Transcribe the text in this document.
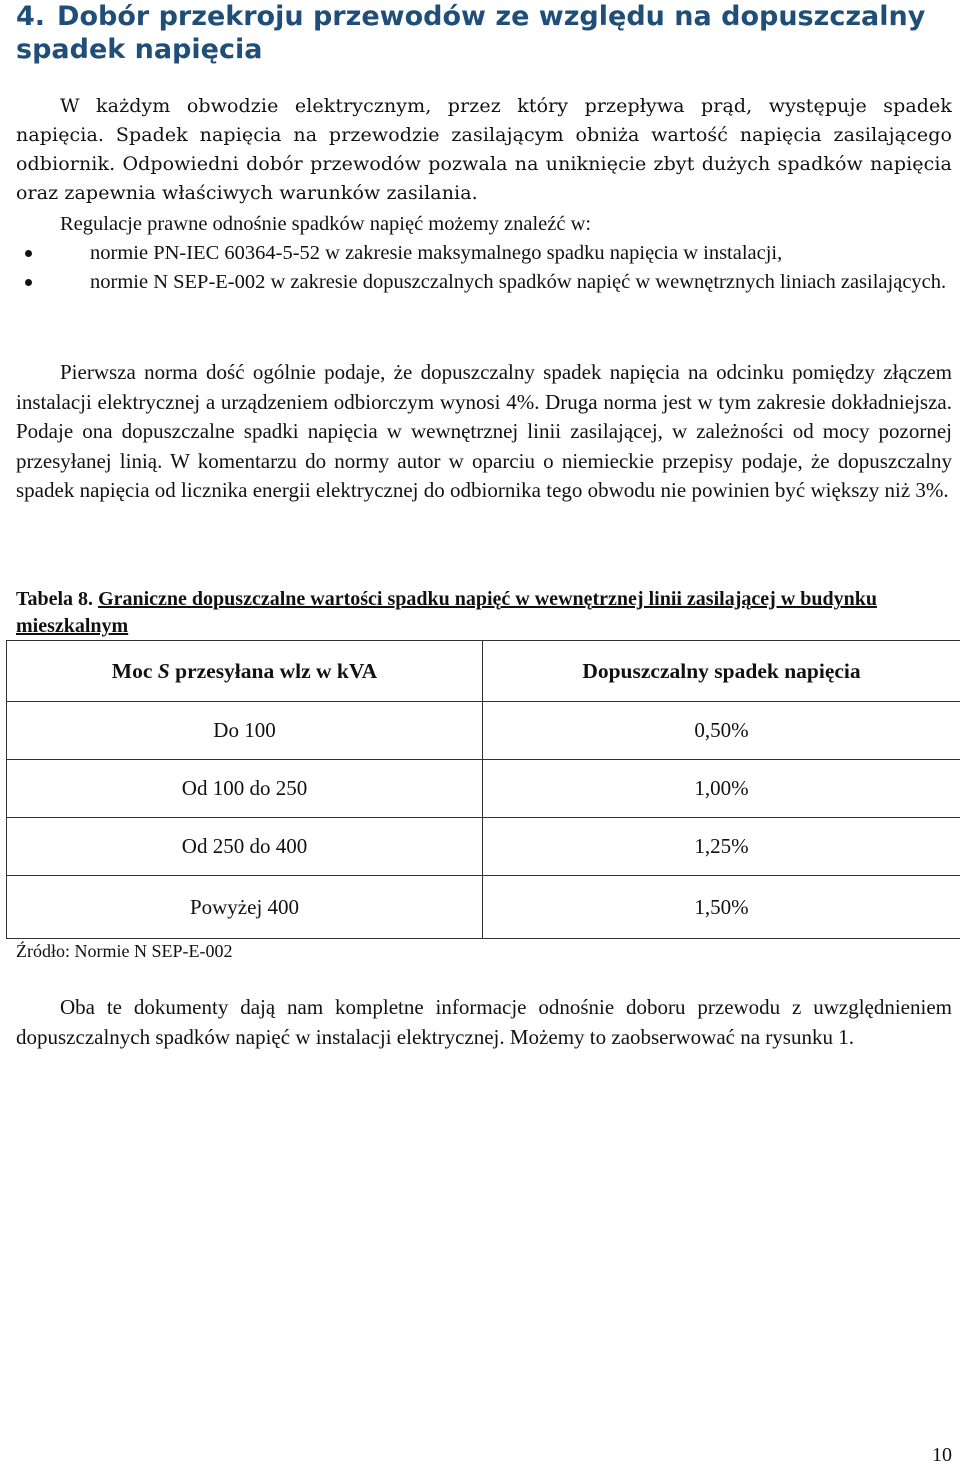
4. Dobór przekroju przewodów ze względu na dopuszczalny spadek napięcia

W każdym obwodzie elektrycznym, przez który przepływa prąd, występuje spadek napięcia. Spadek napięcia na przewodzie zasilającym obniża wartość napięcia zasilającego odbiornik. Odpowiedni dobór przewodów pozwala na uniknięcie zbyt dużych spadków napięcia oraz zapewnia właściwych warunków zasilania.

Regulacje prawne odnośnie spadków napięć możemy znaleźć w:

normie PN-IEC 60364-5-52 w zakresie maksymalnego spadku napięcia w instalacji,
normie N SEP-E-002 w zakresie dopuszczalnych spadków napięć w wewnętrznych liniach zasilających.

Pierwsza norma dość ogólnie podaje, że dopuszczalny spadek napięcia na odcinku pomiędzy złączem instalacji elektrycznej a urządzeniem odbiorczym wynosi 4%. Druga norma jest w tym zakresie dokładniejsza. Podaje ona dopuszczalne spadki napięcia w wewnętrznej linii zasilającej, w zależności od mocy pozornej przesyłanej linią. W komentarzu do normy autor w oparciu o niemieckie przepisy podaje, że dopuszczalny spadek napięcia od licznika energii elektrycznej do odbiornika tego obwodu nie powinien być większy niż 3%.

Tabela 8. Graniczne dopuszczalne wartości spadku napięć w wewnętrznej linii zasilającej w budynku mieszkalnym
Moc S przesyłana wlz w kVA	Dopuszczalny spadek napięcia
Do 100	0,50%
Od 100 do 250	1,00%
Od 250 do 400	1,25%
Powyżej 400	1,50%
Źródło: Normie N SEP-E-002

Oba te dokumenty dają nam kompletne informacje odnośnie doboru przewodu z uwzględnieniem dopuszczalnych spadków napięć w instalacji elektrycznej. Możemy to zaobserwować na rysunku 1.

10
